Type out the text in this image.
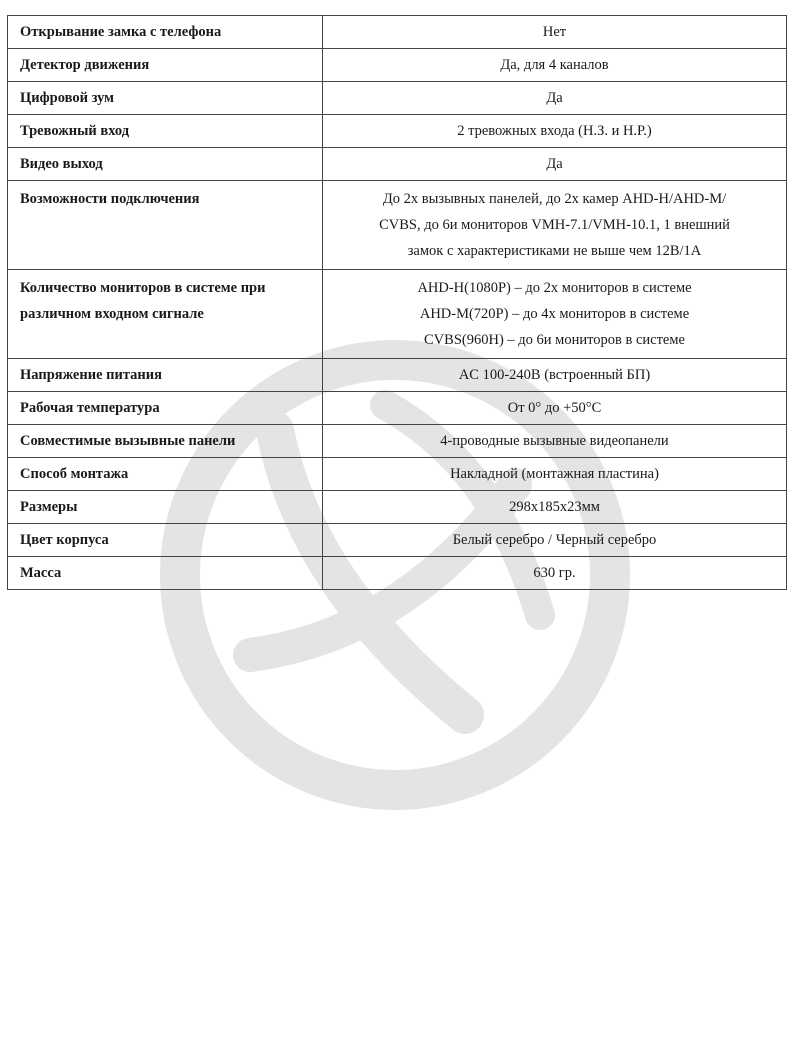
Открывание замка с телефона	Нет

Детектор движения	Да, для 4 каналов

Цифровой зум	Да

Тревожный вход	2 тревожных входа (Н.З. и Н.Р.)

Видео выход	Да

Возможности подключения	До 2х вызывных панелей, до 2х камер AHD-H/AHD-M/
CVBS, до 6и мониторов VMH-7.1/VMH-10.1, 1 внешний
замок с характеристиками не выше чем 12В/1А

Количество мониторов в системе при различном входном сигнале	AHD-H(1080P) – до 2х мониторов в системе
AHD-M(720P) – до 4х мониторов в системе
CVBS(960H) – до 6и мониторов в системе

Напряжение питания	AC 100-240В (встроенный БП)

Рабочая температура	От 0° до +50°С

Совместимые вызывные панели	4-проводные вызывные видеопанели

Способ монтажа	Накладной (монтажная пластина)

Размеры	298х185х23мм

Цвет корпуса	Белый серебро / Черный серебро

Масса	630 гр.
